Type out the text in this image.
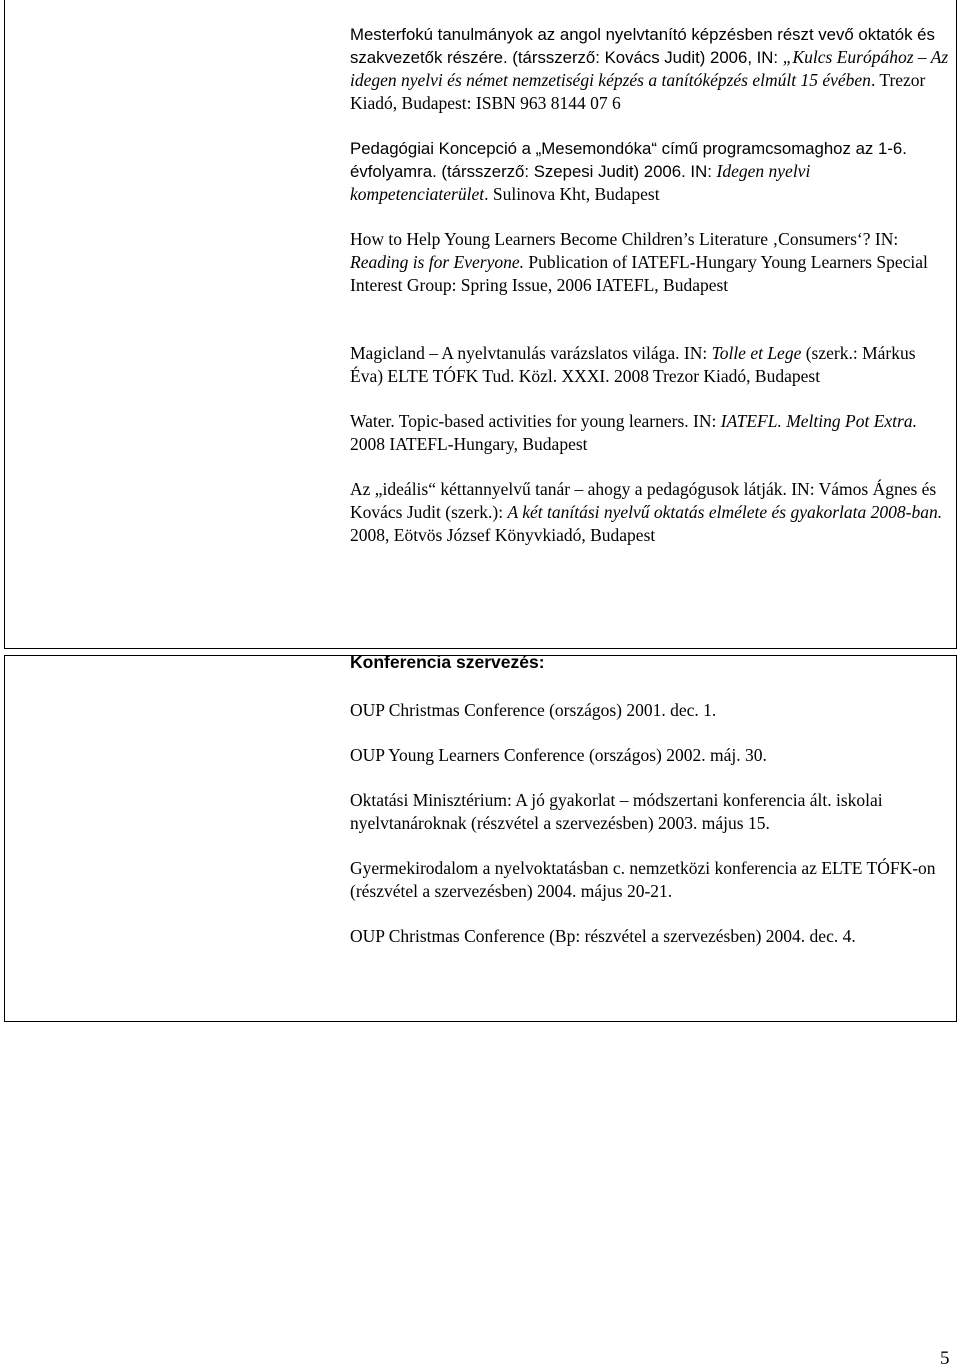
Mesterfokú tanulmányok az angol nyelvtanító képzésben részt vevő oktatók és szakvezetők részére. (társszerző: Kovács Judit) 2006, IN: „Kulcs Európához – Az idegen nyelvi és német nemzetiségi képzés a tanítóképzés elmúlt 15 évében. Trezor Kiadó, Budapest: ISBN 963 8144 07 6

Pedagógiai Koncepció a „Mesemondóka“ című programcsomaghoz az 1-6. évfolyamra. (társszerző: Szepesi Judit) 2006. IN: Idegen nyelvi kompetenciaterület. Sulinova Kht, Budapest

How to Help Young Learners Become Children’s Literature ‚Consumers‘? IN: Reading is for Everyone. Publication of IATEFL-Hungary Young Learners Special Interest Group: Spring Issue, 2006 IATEFL, Budapest

Magicland – A nyelvtanulás varázslatos világa. IN: Tolle et Lege (szerk.: Márkus Éva) ELTE TÓFK Tud. Közl. XXXI. 2008 Trezor Kiadó, Budapest

Water. Topic-based activities for young learners. IN: IATEFL. Melting Pot Extra. 2008 IATEFL-Hungary, Budapest

Az „ideális“ kéttannyelvű tanár – ahogy a pedagógusok látják. IN: Vámos Ágnes és Kovács Judit (szerk.): A két tanítási nyelvű oktatás elmélete és gyakorlata 2008-ban. 2008, Eötvös József Könyvkiadó, Budapest

Konferencia szervezés:

OUP Christmas Conference (országos) 2001. dec. 1.

OUP Young Learners Conference (országos) 2002. máj. 30.

Oktatási Minisztérium: A jó gyakorlat – módszertani konferencia ált. iskolai nyelvtanároknak (részvétel a szervezésben) 2003. május 15.

Gyermekirodalom a nyelvoktatásban c. nemzetközi konferencia az ELTE TÓFK-on (részvétel a szervezésben) 2004. május 20-21.

OUP Christmas Conference (Bp: részvétel a szervezésben) 2004. dec. 4.

5
